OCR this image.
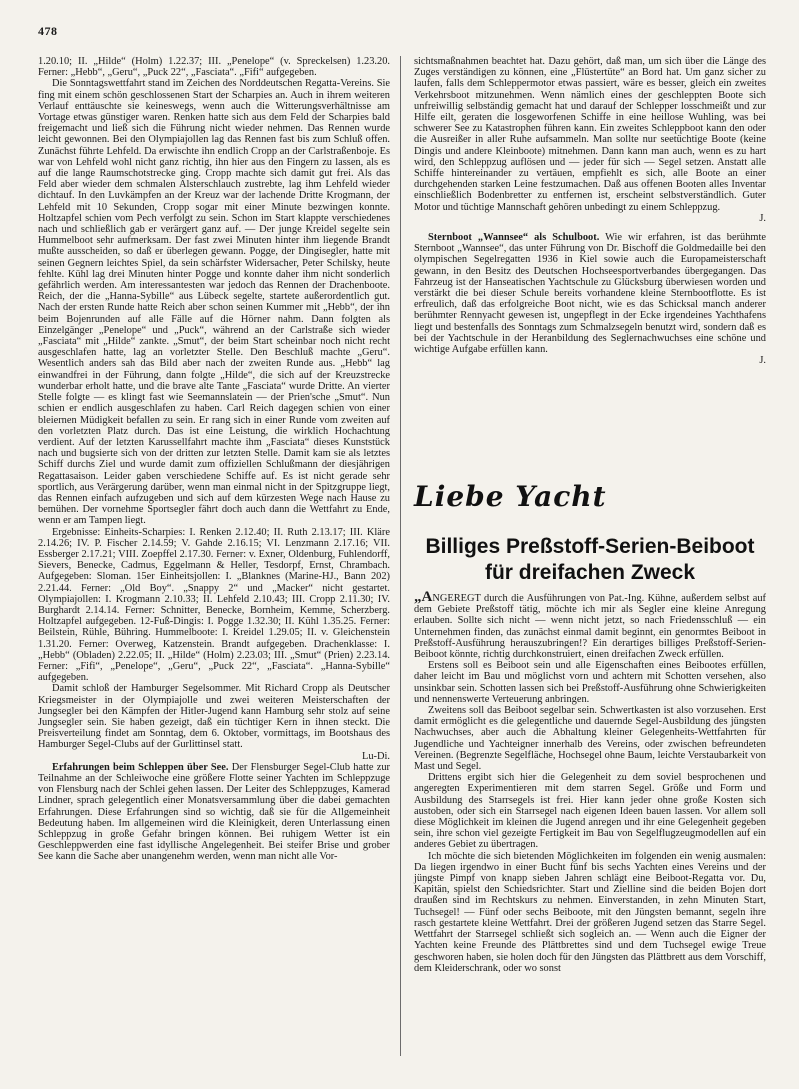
478

1.20.10; II. „Hilde“ (Holm) 1.22.37; III. „Penelope“ (v. Spreckelsen) 1.23.20. Ferner: „Hebb“, „Geru“, „Puck 22“, „Fasciata“. „Fifi“ aufgegeben.

Die Sonntagswettfahrt stand im Zeichen des Norddeutschen Regatta-Vereins. Sie fing mit einem schön geschlossenen Start der Scharpies an. Auch in ihrem weiteren Verlauf enttäuschte sie keineswegs, wenn auch die Witterungsverhältnisse am Vortage etwas günstiger waren. Renken hatte sich aus dem Feld der Scharpies bald freigemacht und ließ sich die Führung nicht wieder nehmen. Das Rennen wurde leicht gewonnen. Bei den Olympiajollen lag das Rennen fast bis zum Schluß offen. Zunächst führte Lehfeld. Da erwischte ihn endlich Cropp an der Carlstraßenboje. Es war von Lehfeld wohl nicht ganz richtig, ihn hier aus den Fingern zu lassen, als es auf die lange Raumschotstrecke ging. Cropp machte sich damit gut frei. Als das Feld aber wieder dem schmalen Alsterschlauch zustrebte, lag ihm Lehfeld wieder dichtauf. In den Luvkämpfen an der Kreuz war der lachende Dritte Krogmann, der Lehfeld mit 10 Sekunden, Cropp sogar mit einer Minute bezwingen konnte. Holtzapfel schien vom Pech verfolgt zu sein. Schon im Start klappte verschiedenes nach und schließlich gab er verärgert ganz auf. — Der junge Kreidel segelte sein Hummelboot sehr aufmerksam. Der fast zwei Minuten hinter ihm liegende Brandt mußte ausscheiden, so daß er überlegen gewann. Pogge, der Dingisegler, hatte mit seinen Gegnern leichtes Spiel, da sein schärfster Widersacher, Peter Schilsky, heute fehlte. Kühl lag drei Minuten hinter Pogge und konnte daher ihm nicht sonderlich gefährlich werden. Am interessantesten war jedoch das Rennen der Drachenboote. Reich, der die „Hanna-Sybille“ aus Lübeck segelte, startete außerordentlich gut. Nach der ersten Runde hatte Reich aber schon seinen Kummer mit „Hebb“, der ihn beim Bojenrunden auf alle Fälle auf die Hörner nahm. Dann folgten als Einzelgänger „Penelope“ und „Puck“, während an der Carlstraße sich wieder „Fasciata“ mit „Hilde“ zankte. „Smut“, der beim Start scheinbar noch nicht recht ausgeschlafen hatte, lag an vorletzter Stelle. Den Beschluß machte „Geru“. Wesentlich anders sah das Bild aber nach der zweiten Runde aus. „Hebb“ lag einwandfrei in der Führung, dann folgte „Hilde“, die sich auf der Kreuzstrecke wunderbar erholt hatte, und die brave alte Tante „Fasciata“ wurde Dritte. An vierter Stelle folgte — es klingt fast wie Seemannslatein — der Prien'sche „Smut“. Nun schien er endlich ausgeschlafen zu haben. Carl Reich dagegen schien von einer bleiernen Müdigkeit befallen zu sein. Er rang sich in einer Runde vom zweiten auf den vorletzten Platz durch. Das ist eine Leistung, die wirklich Hochachtung verdient. Auf der letzten Karussellfahrt machte ihm „Fasciata“ dieses Kunststück nach und bugsierte sich von der dritten zur letzten Stelle. Damit kam sie als letztes Schiff durchs Ziel und wurde damit zum offiziellen Schlußmann der diesjährigen Regattasaison. Leider gaben verschiedene Schiffe auf. Es ist nicht gerade sehr sportlich, aus Verärgerung darüber, wenn man einmal nicht in der Spitzgruppe liegt, das Rennen einfach aufzugeben und sich auf dem kürzesten Wege nach Hause zu bemühen. Der vornehme Sportsegler fährt doch auch dann die Wettfahrt zu Ende, wenn er am Tampen liegt.

Ergebnisse: Einheits-Scharpies: I. Renken 2.12.40; II. Ruth 2.13.17; III. Kläre 2.14.26; IV. P. Fischer 2.14.59; V. Gahde 2.16.15; VI. Lenzmann 2.17.16; VII. Essberger 2.17.21; VIII. Zoepffel 2.17.30. Ferner: v. Exner, Oldenburg, Fuhlendorff, Sievers, Benecke, Cadmus, Eggelmann & Heller, Tesdorpf, Ernst, Chrambach. Aufgegeben: Sloman. 15er Einheitsjollen: I. „Blanknes (Marine-HJ., Bann 202) 2.21.44. Ferner: „Old Boy“. „Snappy 2“ und „Macker“ nicht gestartet. Olympiajollen: I. Krogmann 2.10.33; II. Lehfeld 2.10.43; III. Cropp 2.11.30; IV. Burghardt 2.14.14. Ferner: Schnitter, Benecke, Bornheim, Kemme, Scherzberg. Holtzapfel aufgegeben. 12-Fuß-Dingis: I. Pogge 1.32.30; II. Kühl 1.35.25. Ferner: Beilstein, Rühle, Bühring. Hummelboote: I. Kreidel 1.29.05; II. v. Gleichenstein 1.31.20. Ferner: Overweg, Katzenstein. Brandt aufgegeben. Drachenklasse: I. „Hebb“ (Obladen) 2.22.05; II. „Hilde“ (Holm) 2.23.03; III. „Smut“ (Prien) 2.23.14. Ferner: „Fifi“, „Penelope“, „Geru“, „Puck 22“, „Fasciata“. „Hanna-Sybille“ aufgegeben.

Damit schloß der Hamburger Segelsommer. Mit Richard Cropp als Deutscher Kriegsmeister in der Olympiajolle und zwei weiteren Meisterschaften der Jungsegler bei den Kämpfen der Hitler-Jugend kann Hamburg sehr stolz auf seine Jungsegler sein. Sie haben gezeigt, daß ein tüchtiger Kern in ihnen steckt. Die Preisverteilung findet am Sonntag, dem 6. Oktober, vormittags, im Bootshaus des Hamburger Segel-Clubs auf der Gurlittinsel statt.

Lu-Di.

Erfahrungen beim Schleppen über See. Der Flensburger Segel-Club hatte zur Teilnahme an der Schleiwoche eine größere Flotte seiner Yachten im Schleppzuge von Flensburg nach der Schlei gehen lassen. Der Leiter des Schleppzuges, Kamerad Lindner, sprach gelegentlich einer Monatsversammlung über die dabei gemachten Erfahrungen. Diese Erfahrungen sind so wichtig, daß sie für die Allgemeinheit Bedeutung haben. Im allgemeinen wird die Kleinigkeit, deren Unterlassung einen Schleppzug in große Gefahr bringen können. Bei ruhigem Wetter ist ein Geschleppwerden eine fast idyllische Angelegenheit. Bei steifer Brise und grober See kann die Sache aber unangenehm werden, wenn man nicht alle Vor-

sichtsmaßnahmen beachtet hat. Dazu gehört, daß man, um sich über die Länge des Zuges verständigen zu können, eine „Flüstertüte“ an Bord hat. Um ganz sicher zu laufen, falls dem Schleppermotor etwas passiert, wäre es besser, gleich ein zweites Verkehrsboot mitzunehmen. Wenn nämlich eines der geschleppten Boote sich unfreiwillig selbständig gemacht hat und darauf der Schlepper losschmeißt und zur Hilfe eilt, geraten die losgeworfenen Schiffe in eine heillose Wuhling, was bei schwerer See zu Katastrophen führen kann. Ein zweites Schleppboot kann den oder die Ausreißer in aller Ruhe aufsammeln. Man sollte nur seetüchtige Boote (keine Dingis und andere Kleinboote) mitnehmen. Dann kann man auch, wenn es zu hart wird, den Schleppzug auflösen und — jeder für sich — Segel setzen. Anstatt alle Schiffe hintereinander zu vertäuen, empfiehlt es sich, alle Boote an einer durchgehenden starken Leine festzumachen. Daß aus offenen Booten alles Inventar einschließlich Bodenbretter zu entfernen ist, erscheint selbstverständlich. Guter Motor und tüchtige Mannschaft gehören unbedingt zu einem Schleppzug.

J.

Sternboot „Wannsee“ als Schulboot. Wie wir erfahren, ist das berühmte Sternboot „Wannsee“, das unter Führung von Dr. Bischoff die Goldmedaille bei den olympischen Segelregatten 1936 in Kiel sowie auch die Europameisterschaft gewann, in den Besitz des Deutschen Hochseesportverbandes übergegangen. Das Fahrzeug ist der Hanseatischen Yachtschule zu Glücksburg überwiesen worden und verstärkt die bei dieser Schule bereits vorhandene kleine Sternbootflotte. Es ist erfreulich, daß das erfolgreiche Boot nicht, wie es das Schicksal manch anderer berühmter Rennyacht gewesen ist, ungepflegt in der Ecke irgendeines Yachthafens liegt und bestenfalls des Sonntags zum Schmalzsegeln benutzt wird, sondern daß es bei der Yachtschule in der Heranbildung des Seglernachwuchses eine schöne und wichtige Aufgabe erfüllen kann.

J.

Liebe Yacht
Billiges Preßstoff-Serien-Beiboot für dreifachen Zweck

„ANGEREGT durch die Ausführungen von Pat.-Ing. Kühne, außerdem selbst auf dem Gebiete Preßstoff tätig, möchte ich mir als Segler eine kleine Anregung erlauben. Sollte sich nicht — wenn nicht jetzt, so nach Friedensschluß — ein Unternehmen finden, das zunächst einmal damit beginnt, ein genormtes Beiboot in Preßstoff-Ausführung herauszubringen!? Ein derartiges billiges Preßstoff-Serien-Beiboot könnte, richtig durchkonstruiert, einen dreifachen Zweck erfüllen.

Erstens soll es Beiboot sein und alle Eigenschaften eines Beibootes erfüllen, daher leicht im Bau und möglichst vorn und achtern mit Schotten versehen, also unsinkbar sein. Schotten lassen sich bei Preßstoff-Ausführung ohne Schwierigkeiten und nennenswerte Verteuerung anbringen.

Zweitens soll das Beiboot segelbar sein. Schwertkasten ist also vorzusehen. Erst damit ermöglicht es die gelegentliche und dauernde Segel-Ausbildung des jüngsten Nachwuchses, aber auch die Abhaltung kleiner Gelegenheits-Wettfahrten für Jugendliche und Yachteigner innerhalb des Vereins, oder zwischen befreundeten Vereinen. (Begrenzte Segelfläche, Hochsegel ohne Baum, leichte Verstaubarkeit von Mast und Segel.

Drittens ergibt sich hier die Gelegenheit zu dem soviel besprochenen und angeregten Experimentieren mit dem starren Segel. Größe und Form und Ausbildung des Starrsegels ist frei. Hier kann jeder ohne große Kosten sich austoben, oder sich ein Starrsegel nach eigenen Ideen bauen lassen. Vor allem soll diese Möglichkeit im kleinen die Jugend anregen und ihr eine Gelegenheit gegeben sein, ihre schon viel gezeigte Fertigkeit im Bau von Segelflugzeugmodellen auf ein anderes Gebiet zu übertragen.

Ich möchte die sich bietenden Möglichkeiten im folgenden ein wenig ausmalen: Da liegen irgendwo in einer Bucht fünf bis sechs Yachten eines Vereins und der jüngste Pimpf von knapp sieben Jahren schlägt eine Beiboot-Regatta vor. Du, Kapitän, spielst den Schiedsrichter. Start und Zielline sind die beiden Bojen dort draußen sind im Rechtskurs zu nehmen. Einverstanden, in zehn Minuten Start, Tuchsegel! — Fünf oder sechs Beiboote, mit den Jüngsten bemannt, segeln ihre rasch gestartete kleine Wettfahrt. Drei der größeren Jugend setzen das Starre Segel. Wettfahrt der Starrsegel schließt sich sogleich an. — Wenn auch die Eigner der Yachten keine Freunde des Plättbrettes sind und dem Tuchsegel ewige Treue geschworen haben, sie holen doch für den Jüngsten das Plättbrett aus dem Vorschiff, dem Kleiderschrank, oder wo sonst
